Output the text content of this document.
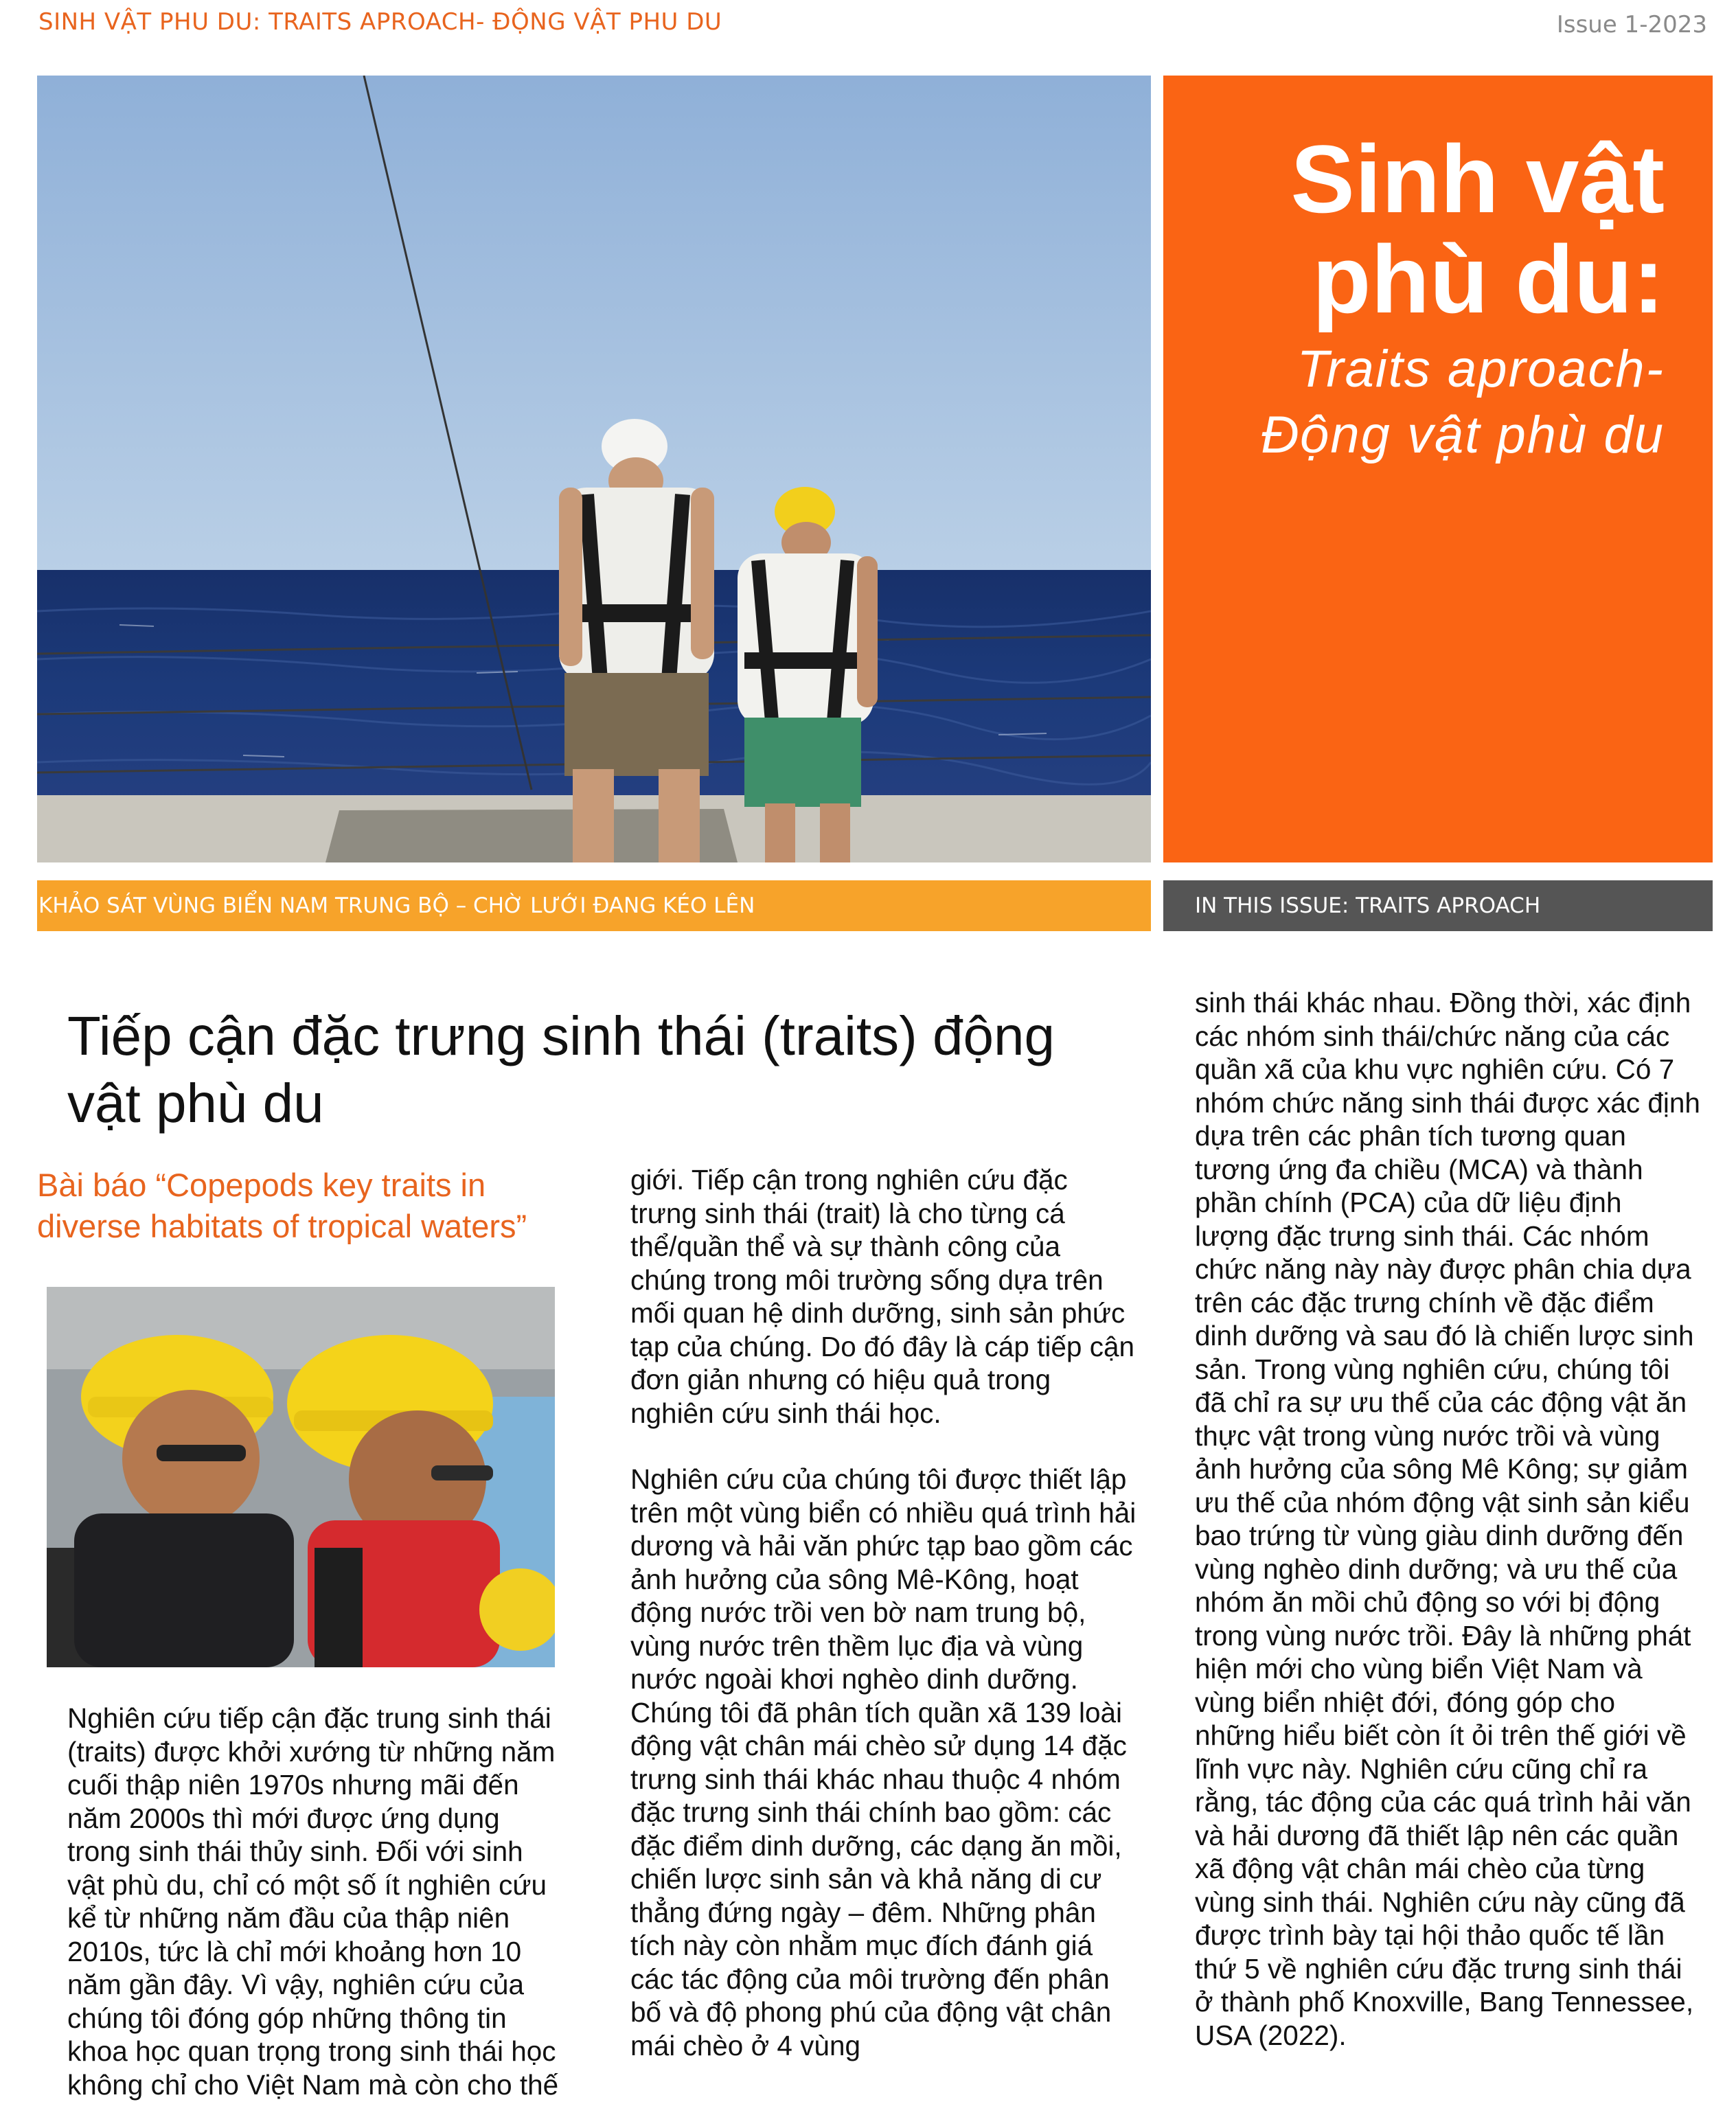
SINH VẬT PHU DU: TRAITS APROACH- ĐỘNG VẬT PHU DU	Issue 1-2023
Sinh vật phù du:
Traits aproach- Động vật phù du
KHẢO SÁT VÙNG BIỂN NAM TRUNG BỘ – CHỜ LƯỚI ĐANG KÉO LÊN	IN THIS ISSUE: TRAITS APROACH
Tiếp cận đặc trưng sinh thái (traits) động vật phù du
Bài báo “Copepods key traits in diverse habitats of tropical waters”

Nghiên cứu tiếp cận đặc trung sinh thái (traits) được khởi xướng từ những năm cuối thập niên 1970s nhưng mãi đến năm 2000s thì mới được ứng dụng trong sinh thái thủy sinh. Đối với sinh vật phù du, chỉ có một số ít nghiên cứu kể từ những năm đầu của thập niên 2010s, tức là chỉ mới khoảng hơn 10 năm gần đây. Vì vậy, nghiên cứu của chúng tôi đóng góp những thông tin khoa học quan trọng trong sinh thái học không chỉ cho Việt Nam mà còn cho thế

giới. Tiếp cận trong nghiên cứu đặc trưng sinh thái (trait) là cho từng cá thể/quần thể và sự thành công của chúng trong môi trường sống dựa trên mối quan hệ dinh dưỡng, sinh sản phức tạp của chúng. Do đó đây là cáp tiếp cận đơn giản nhưng có hiệu quả trong nghiên cứu sinh thái học.

Nghiên cứu của chúng tôi được thiết lập trên một vùng biển có nhiều quá trình hải dương và hải văn phức tạp bao gồm các ảnh hưởng của sông Mê-Kông, hoạt động nước trồi ven bờ nam trung bộ, vùng nước trên thềm lục địa và vùng nước ngoài khơi nghèo dinh dưỡng. Chúng tôi đã phân tích quần xã 139 loài động vật chân mái chèo sử dụng 14 đặc trưng sinh thái khác nhau thuộc 4 nhóm đặc trưng sinh thái chính bao gồm: các đặc điểm dinh dưỡng, các dạng ăn mồi, chiến lược sinh sản và khả năng di cư thẳng đứng ngày – đêm. Những phân tích này còn nhằm mục đích đánh giá các tác động của môi trường đến phân bố và độ phong phú của động vật chân mái chèo ở 4 vùng

sinh thái khác nhau. Đồng thời, xác định các nhóm sinh thái/chức năng của các quần xã của khu vực nghiên cứu. Có 7 nhóm chức năng sinh thái được xác định dựa trên các phân tích tương quan tương ứng đa chiều (MCA) và thành phần chính (PCA) của dữ liệu định lượng đặc trưng sinh thái. Các nhóm chức năng này này được phân chia dựa trên các đặc trưng chính về đặc điểm dinh dưỡng và sau đó là chiến lược sinh sản. Trong vùng nghiên cứu, chúng tôi đã chỉ ra sự ưu thế của các động vật ăn thực vật trong vùng nước trồi và vùng ảnh hưởng của sông Mê Kông; sự giảm ưu thế của nhóm động vật sinh sản kiểu bao trứng từ vùng giàu dinh dưỡng đến vùng nghèo dinh dưỡng; và ưu thế của nhóm ăn mồi chủ động so với bị động trong vùng nước trồi. Đây là những phát hiện mới cho vùng biển Việt Nam và vùng biển nhiệt đới, đóng góp cho những hiểu biết còn ít ỏi trên thế giới về lĩnh vực này. Nghiên cứu cũng chỉ ra rằng, tác động của các quá trình hải văn và hải dương đã thiết lập nên các quần xã động vật chân mái chèo của từng vùng sinh thái. Nghiên cứu này cũng đã được trình bày tại hội thảo quốc tế lần thứ 5 về nghiên cứu đặc trưng sinh thái ở thành phố Knoxville, Bang Tennessee, USA (2022).
